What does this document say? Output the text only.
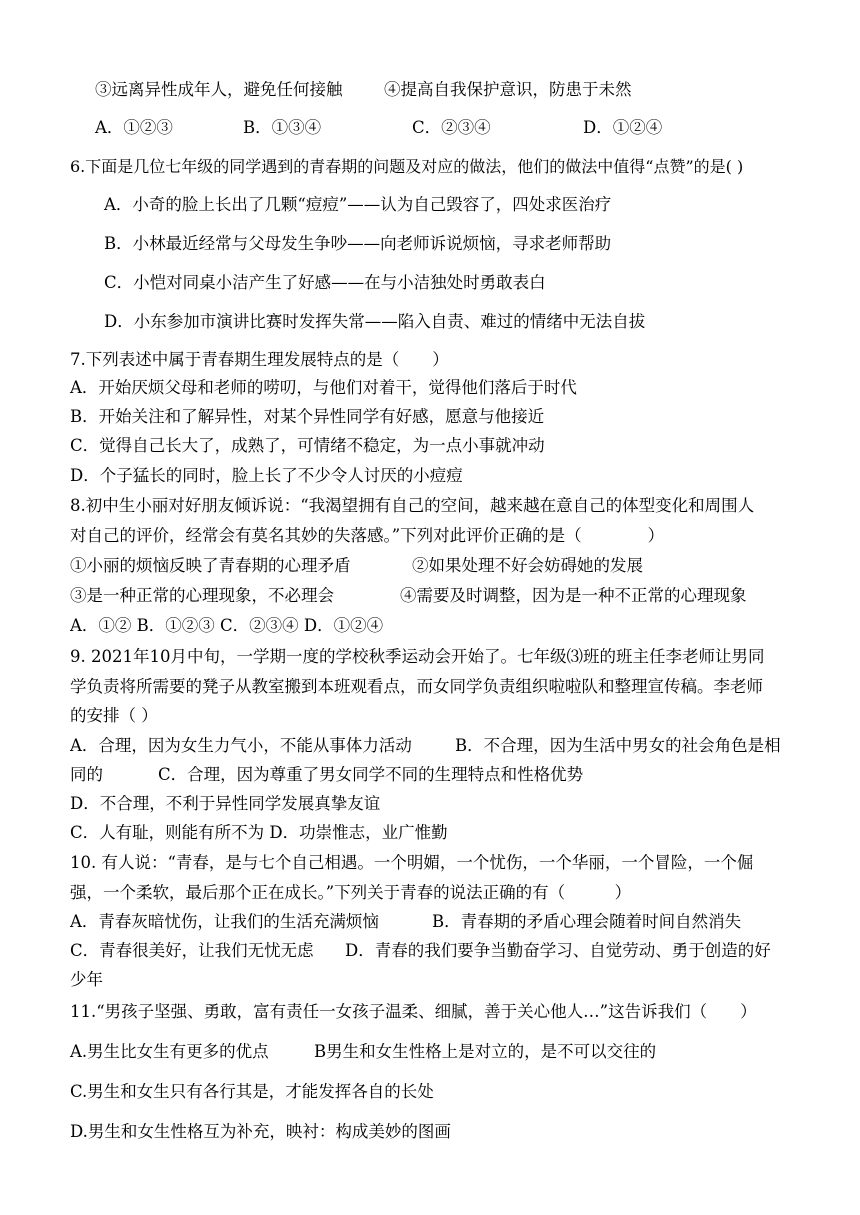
③远离异性成年人，避免任何接触	④提高自我保护意识，防患于未然
A．①②③	B．①③④	C．②③④	D．①②④
6.下面是几位七年级的同学遇到的青春期的问题及对应的做法，他们的做法中值得“点赞”的是( )
A．小奇的脸上长出了几颗“痘痘”——认为自己毁容了，四处求医治疗
B．小林最近经常与父母发生争吵——向老师诉说烦恼，寻求老师帮助
C．小恺对同桌小洁产生了好感——在与小洁独处时勇敢表白
D．小东参加市演讲比赛时发挥失常——陷入自责、难过的情绪中无法自拔
7.下列表述中属于青春期生理发展特点的是（　　）
A．开始厌烦父母和老师的唠叨，与他们对着干，觉得他们落后于时代
B．开始关注和了解异性，对某个异性同学有好感，愿意与他接近
C．觉得自己长大了，成熟了，可情绪不稳定，为一点小事就冲动
D．个子猛长的同时，脸上长了不少令人讨厌的小痘痘
8.初中生小丽对好朋友倾诉说：“我渴望拥有自己的空间，越来越在意自己的体型变化和周围人
对自己的评价，经常会有莫名其妙的失落感。”下列对此评价正确的是（　　　　）
①小丽的烦恼反映了青春期的心理矛盾	②如果处理不好会妨碍她的发展
③是一种正常的心理现象，不必理会	④需要及时调整，因为是一种不正常的心理现象
A．①② B．①②③ C．②③④ D．①②④
9. 2021年10月中旬，一学期一度的学校秋季运动会开始了。七年级⑶班的班主任李老师让男同
学负责将所需要的凳子从教室搬到本班观看点，而女同学负责组织啦啦队和整理宣传稿。李老师
的安排（ ）
A．合理，因为女生力气小，不能从事体力活动	B．不合理，因为生活中男女的社会角色是相
同的	C．合理，因为尊重了男女同学不同的生理特点和性格优势
D．不合理，不利于异性同学发展真挚友谊
C．人有耻，则能有所不为 D．功崇惟志，业广惟勤
10. 有人说：“青春，是与七个自己相遇。一个明媚，一个忧伤，一个华丽，一个冒险，一个倔
强，一个柔软，最后那个正在成长。”下列关于青春的说法正确的有（　　　）
A．青春灰暗忧伤，让我们的生活充满烦恼	B．青春期的矛盾心理会随着时间自然消失
C．青春很美好，让我们无忧无虑 D．青春的我们要争当勤奋学习、自觉劳动、勇于创造的好
少年
11.“男孩子坚强、勇敢，富有责任一女孩子温柔、细腻，善于关心他人…”这告诉我们（　　）
A.男生比女生有更多的优点	B男生和女生性格上是对立的，是不可以交往的
C.男生和女生只有各行其是，才能发挥各自的长处
D.男生和女生性格互为补充，映衬：构成美妙的图画
